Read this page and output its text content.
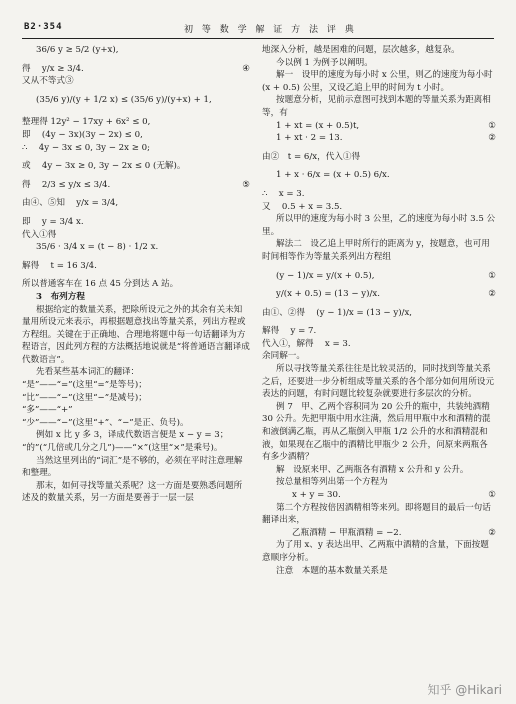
B2·354	初 等 数 学 解 证 方 法 评 典
36/6 y ≥ 5/2 (y+x),
得 　y/x ≥ 3/4.	④
又从不等式③
(35/6 y)/(y + 1/2 x) ≤ (35/6 y)/(y+x) + 1,
整理得 12y² − 17xy + 6x² ≤ 0,
即 　(4y − 3x)(3y − 2x) ≤ 0,
∴ 　4y − 3x ≤ 0, 3y − 2x ≥ 0;
或 　4y − 3x ≥ 0, 3y − 2x ≤ 0 (无解)。
得 　2/3 ≤ y/x ≤ 3/4.	⑤
由④、⑤知 　y/x = 3/4,
即 　y = 3/4 x.
代入①得
35/6 · 3/4 x = (t − 8) · 1/2 x.
解得 　t = 16 3/4.
所以普通客车在 16 点 45 分到达 A 站。
3　布列方程
根据给定的数量关系，把除所设元之外的其余有关未知量用所设元来表示，再根据题意找出等量关系，列出方程或方程组。关键在于正确地、合理地将题中每一句话翻译为方程语言，因此列方程的方法概括地说就是“将普通语言翻译成代数语言”。
先看某些基本词汇的翻译：
“是”——“=”(这里“=”是等号)；
“比”——“−”(这里“−”是减号)；
“多”——“+”
“少”——“−”(这里“+”、“−”是正、负号)。
例如 x 比 y 多 3，译成代数语言便是 x − y = 3；
“的”(“几倍或几分之几”)——“×”(这里“×”是乘号)。
当然这里列出的“词汇”是不够的，必须在平时注意理解和整理。
那末，如何寻找等量关系呢？这一方面是要熟悉问题所述及的数量关系，另一方面是要善于一层一层
地深入分析，越是困难的问题，层次越多，越复杂。
今以例 1 为例予以阐明。
解一　设甲的速度为每小时 x 公里，则乙的速度为每小时 (x + 0.5) 公里，又设乙追上甲的时间为 t 小时。
按题意分析，见前示意图可找到本题的等量关系为距离相等，有
1 + xt = (x + 0.5)t,	①
1 + xt · 2 = 13.	②
由②　t = 6/x，代入①得
1 + x · 6/x = (x + 0.5) 6/x.
∴ 　x = 3.
又 　0.5 + x = 3.5.
所以甲的速度为每小时 3 公里，乙的速度为每小时 3.5 公里。
解法二　设乙追上甲时所行的距离为 y，按题意，也可用时间相等作为等量关系列出方程组
(y − 1)/x = y/(x + 0.5),	①
y/(x + 0.5) = (13 − y)/x.	②
由①、②得 　(y − 1)/x = (13 − y)/x,
解得 　y = 7.
代入①，解得 　x = 3.
余同解一。
所以寻找等量关系往往是比较灵活的，同时找到等量关系之后，还要进一步分析组成等量关系的各个部分如何用所设元表达的问题，有时问题比较复杂就要进行多层次的分析。
例 7　甲、乙两个容积同为 20 公升的瓶中，共装纯酒精 30 公升。先把甲瓶中用水注满，然后用甲瓶中水和酒精的混和液倒满乙瓶，再从乙瓶倒入甲瓶 1/2 公升的水和酒精混和液，如果现在乙瓶中的酒精比甲瓶少 2 公升，问原来两瓶各有多少酒精？
解　设原来甲、乙两瓶各有酒精 x 公升和 y 公升。
按总量相等列出第一个方程为
x + y = 30.	①
第二个方程按倍因酒精相等来列。即将题目的最后一句话翻译出来，
乙瓶酒精 − 甲瓶酒精 = −2.	②
为了用 x、y 表达出甲、乙两瓶中酒精的含量，下面按题意顺序分析。
注意　本题的基本数量关系是
知乎 @Hikari
